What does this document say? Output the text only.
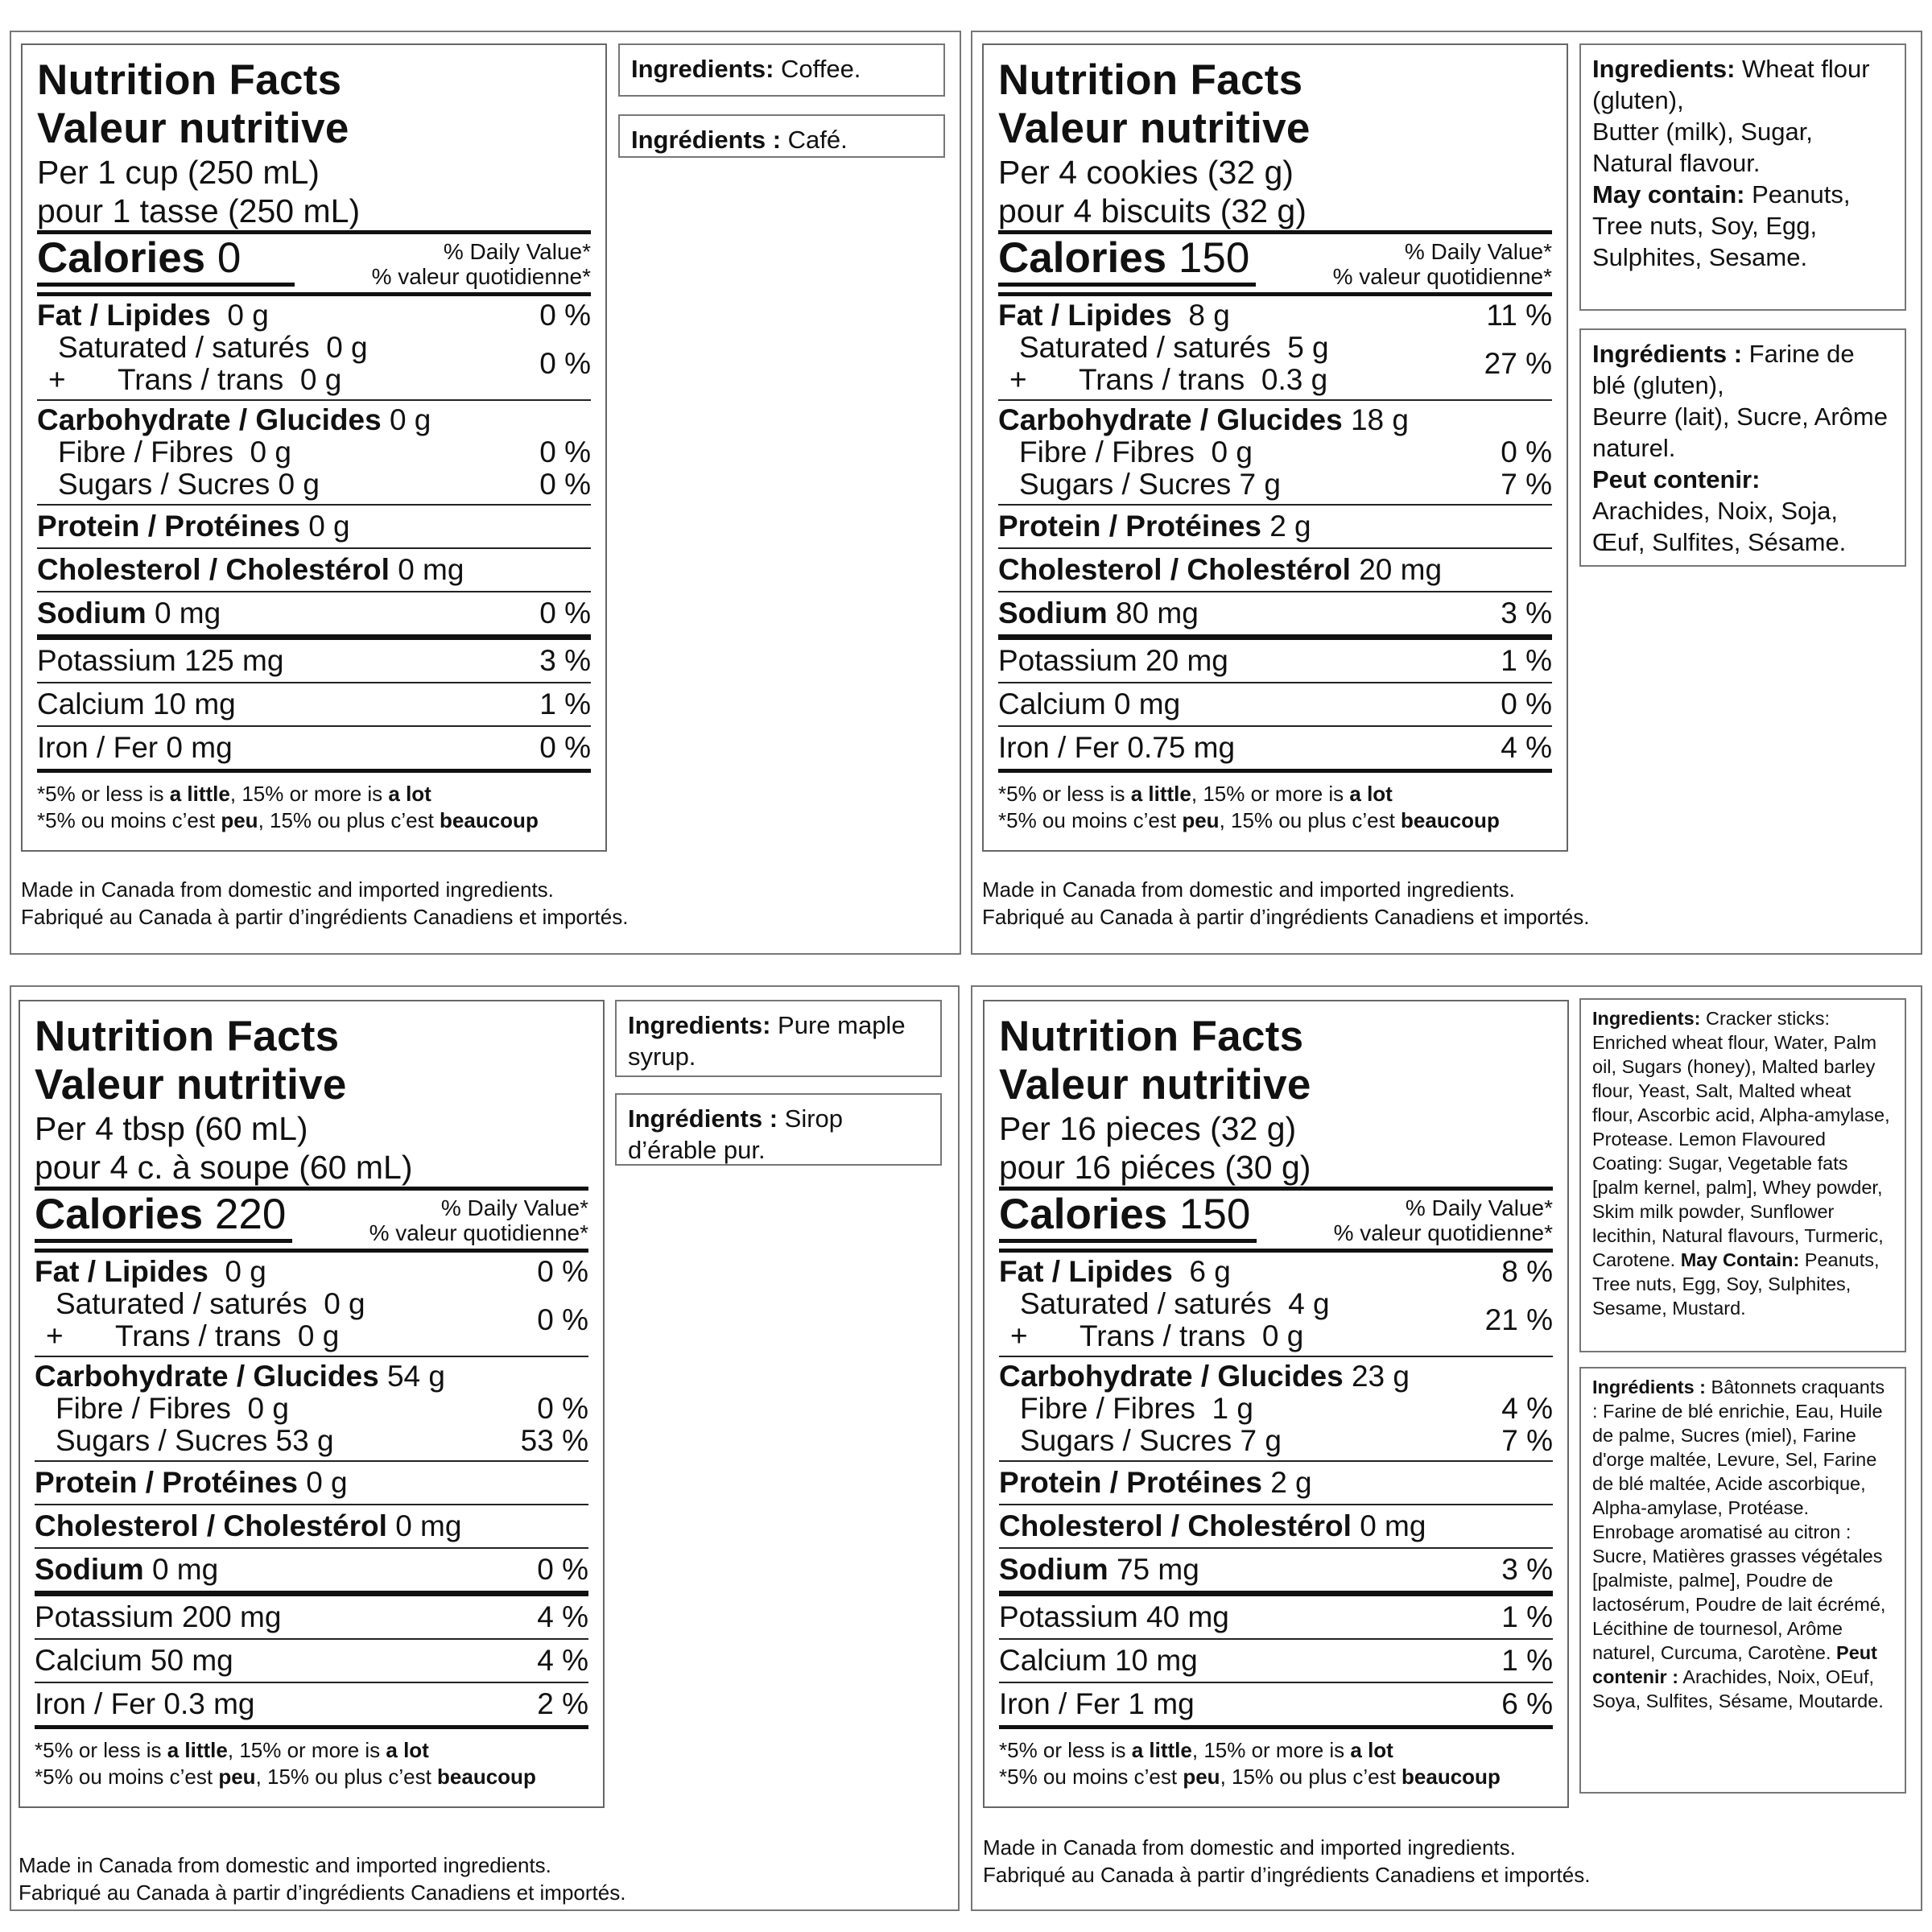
Nutrition Facts
Valeur nutritive
Per 1 cup (250 mL)
pour 1 tasse (250 mL)
Calories 0	% Daily Value*
% valeur quotidienne*
Fat / Lipides 0 g	0 %
Saturated / saturés 0 g
+ Trans / trans 0 g	0 %
Carbohydrate / Glucides 0 g
Fibre / Fibres 0 g	0 %
Sugars / Sucres 0 g	0 %
Protein / Protéines 0 g
Cholesterol / Cholestérol 0 mg
Sodium 0 mg	0 %
Potassium 125 mg	3 %
Calcium 10 mg	1 %
Iron / Fer 0 mg	0 %
*5% or less is a little, 15% or more is a lot
*5% ou moins c’est peu, 15% ou plus c’est beaucoup
Nutrition Facts
Valeur nutritive
Per 4 cookies (32 g)
pour 4 biscuits (32 g)
Calories 150	% Daily Value*
% valeur quotidienne*
Fat / Lipides 8 g	11 %
Saturated / saturés 5 g
+ Trans / trans 0.3 g	27 %
Carbohydrate / Glucides 18 g
Fibre / Fibres 0 g	0 %
Sugars / Sucres 7 g	7 %
Protein / Protéines 2 g
Cholesterol / Cholestérol 20 mg
Sodium 80 mg	3 %
Potassium 20 mg	1 %
Calcium 0 mg	0 %
Iron / Fer 0.75 mg	4 %
*5% or less is a little, 15% or more is a lot
*5% ou moins c’est peu, 15% ou plus c’est beaucoup
Nutrition Facts
Valeur nutritive
Per 4 tbsp (60 mL)
pour 4 c. à soupe (60 mL)
Calories 220	% Daily Value*
% valeur quotidienne*
Fat / Lipides 0 g	0 %
Saturated / saturés 0 g
+ Trans / trans 0 g	0 %
Carbohydrate / Glucides 54 g
Fibre / Fibres 0 g	0 %
Sugars / Sucres 53 g	53 %
Protein / Protéines 0 g
Cholesterol / Cholestérol 0 mg
Sodium 0 mg	0 %
Potassium 200 mg	4 %
Calcium 50 mg	4 %
Iron / Fer 0.3 mg	2 %
*5% or less is a little, 15% or more is a lot
*5% ou moins c’est peu, 15% ou plus c’est beaucoup
Nutrition Facts
Valeur nutritive
Per 16 pieces (32 g)
pour 16 piéces (30 g)
Calories 150	% Daily Value*
% valeur quotidienne*
Fat / Lipides 6 g	8 %
Saturated / saturés 4 g
+ Trans / trans 0 g	21 %
Carbohydrate / Glucides 23 g
Fibre / Fibres 1 g	4 %
Sugars / Sucres 7 g	7 %
Protein / Protéines 2 g
Cholesterol / Cholestérol 0 mg
Sodium 75 mg	3 %
Potassium 40 mg	1 %
Calcium 10 mg	1 %
Iron / Fer 1 mg	6 %
*5% or less is a little, 15% or more is a lot
*5% ou moins c’est peu, 15% ou plus c’est beaucoup
Made in Canada from domestic and imported ingredients.
Fabriqué au Canada à partir d’ingrédients Canadiens et importés.
Made in Canada from domestic and imported ingredients.
Fabriqué au Canada à partir d’ingrédients Canadiens et importés.
Made in Canada from domestic and imported ingredients.
Fabriqué au Canada à partir d’ingrédients Canadiens et importés.
Made in Canada from domestic and imported ingredients.
Fabriqué au Canada à partir d’ingrédients Canadiens et importés.
Ingredients: Coffee.
Ingrédients : Café.
Ingredients: Wheat flour (gluten),
Butter (milk), Sugar, Natural flavour.
May contain: Peanuts, Tree nuts, Soy, Egg, Sulphites, Sesame.
Ingrédients : Farine de blé (gluten),
Beurre (lait), Sucre, Arôme naturel.
Peut contenir:
Arachides, Noix, Soja, Œuf, Sulfites, Sésame.
Ingredients: Pure maple syrup.
Ingrédients : Sirop d’érable pur.
Ingredients: Cracker sticks: Enriched wheat flour, Water, Palm oil, Sugars (honey), Malted barley flour, Yeast, Salt, Malted wheat flour, Ascorbic acid, Alpha-amylase, Protease. Lemon Flavoured Coating: Sugar, Vegetable fats [palm kernel, palm], Whey powder, Skim milk powder, Sunflower lecithin, Natural flavours, Turmeric, Carotene. May Contain: Peanuts, Tree nuts, Egg, Soy, Sulphites, Sesame, Mustard.
Ingrédients : Bâtonnets craquants : Farine de blé enrichie, Eau, Huile de palme, Sucres (miel), Farine d'orge maltée, Levure, Sel, Farine de blé maltée, Acide ascorbique, Alpha-amylase, Protéase. Enrobage aromatisé au citron : Sucre, Matières grasses végétales [palmiste, palme], Poudre de lactosérum, Poudre de lait écrémé, Lécithine de tournesol, Arôme naturel, Curcuma, Carotène. Peut contenir : Arachides, Noix, OEuf, Soya, Sulfites, Sésame, Moutarde.
